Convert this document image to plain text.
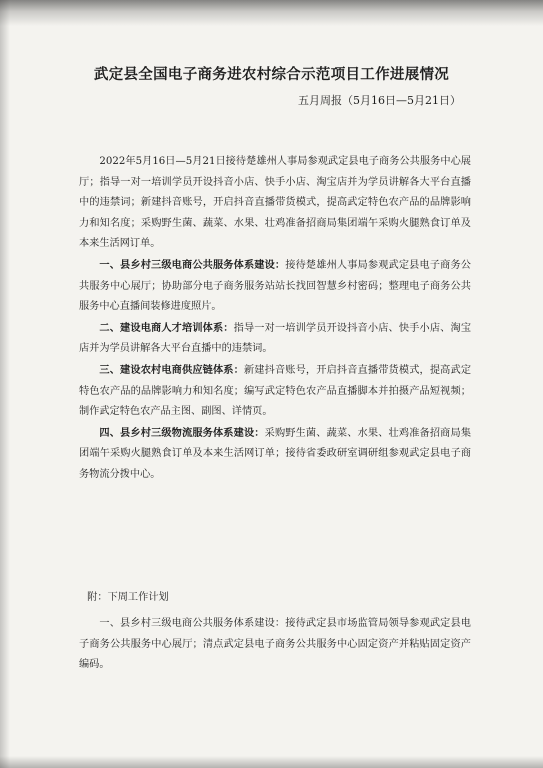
武定县全国电子商务进农村综合示范项目工作进展情况
五月周报（5月16日—5月21日）

2022年5月16日—5月21日接待楚雄州人事局参观武定县电子商务公共服务中心展厅；指导一对一培训学员开设抖音小店、快手小店、淘宝店并为学员讲解各大平台直播中的违禁词；新建抖音账号，开启抖音直播带货模式，提高武定特色农产品的品牌影响力和知名度；采购野生菌、蔬菜、水果、壮鸡准备招商局集团端午采购火腿熟食订单及本来生活网订单。

一、县乡村三级电商公共服务体系建设：接待楚雄州人事局参观武定县电子商务公共服务中心展厅；协助部分电子商务服务站站长找回智慧乡村密码；整理电子商务公共服务中心直播间装修进度照片。

二、建设电商人才培训体系：指导一对一培训学员开设抖音小店、快手小店、淘宝店并为学员讲解各大平台直播中的违禁词。

三、建设农村电商供应链体系：新建抖音账号，开启抖音直播带货模式，提高武定特色农产品的品牌影响力和知名度；编写武定特色农产品直播脚本并拍摄产品短视频；制作武定特色农产品主图、副图、详情页。

四、县乡村三级物流服务体系建设：采购野生菌、蔬菜、水果、壮鸡准备招商局集团端午采购火腿熟食订单及本来生活网订单；接待省委政研室调研组参观武定县电子商务物流分拨中心。

附：下周工作计划

一、县乡村三级电商公共服务体系建设：接待武定县市场监管局领导参观武定县电子商务公共服务中心展厅；清点武定县电子商务公共服务中心固定资产并粘贴固定资产编码。
